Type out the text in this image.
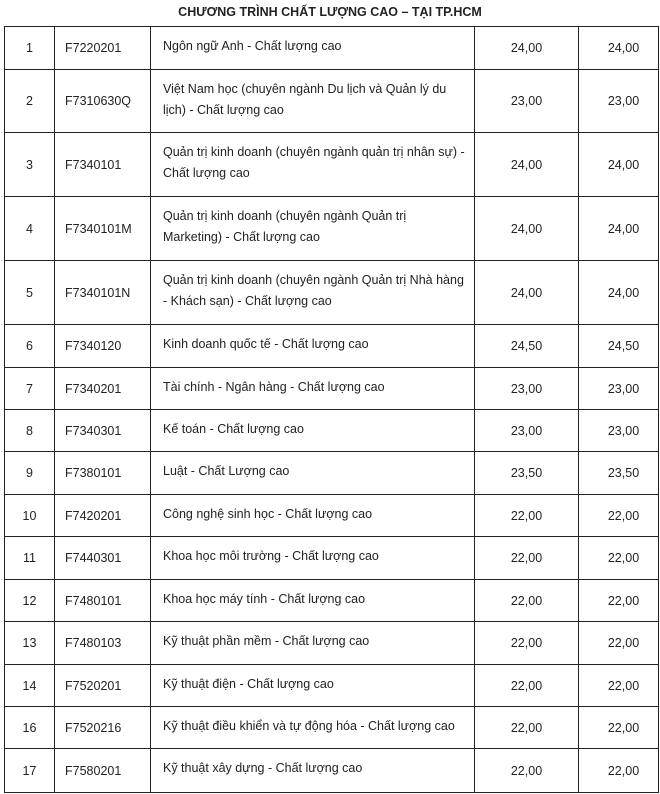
CHƯƠNG TRÌNH CHẤT LƯỢNG CAO – TẠI TP.HCM
1	F7220201	Ngôn ngữ Anh - Chất lượng cao	24,00	24,00
2	F7310630Q	Việt Nam học (chuyên ngành Du lịch và Quản lý du lịch) - Chất lượng cao	23,00	23,00
3	F7340101	Quản trị kinh doanh (chuyên ngành quản trị nhân sự) - Chất lượng cao	24,00	24,00
4	F7340101M	Quản trị kinh doanh (chuyên ngành Quản trị Marketing) - Chất lượng cao	24,00	24,00
5	F7340101N	Quản trị kinh doanh (chuyên ngành Quản trị Nhà hàng - Khách sạn) - Chất lượng cao	24,00	24,00
6	F7340120	Kinh doanh quốc tế - Chất lượng cao	24,50	24,50
7	F7340201	Tài chính - Ngân hàng - Chất lượng cao	23,00	23,00
8	F7340301	Kế toán - Chất lượng cao	23,00	23,00
9	F7380101	Luật - Chất Lượng cao	23,50	23,50
10	F7420201	Công nghệ sinh học - Chất lượng cao	22,00	22,00
11	F7440301	Khoa học môi trường - Chất lượng cao	22,00	22,00
12	F7480101	Khoa học máy tính - Chất lượng cao	22,00	22,00
13	F7480103	Kỹ thuật phần mềm - Chất lượng cao	22,00	22,00
14	F7520201	Kỹ thuật điện - Chất lượng cao	22,00	22,00
16	F7520216	Kỹ thuật điều khiển và tự động hóa - Chất lượng cao	22,00	22,00
17	F7580201	Kỹ thuật xây dựng - Chất lượng cao	22,00	22,00
